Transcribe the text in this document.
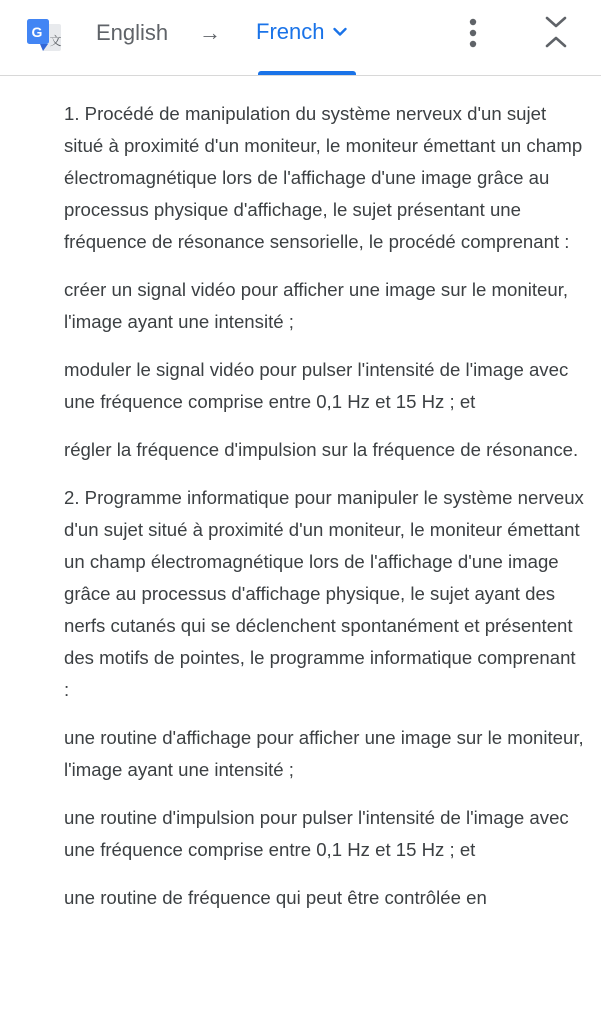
文
G English → French

1. Procédé de manipulation du système nerveux d'un sujet situé à proximité d'un moniteur, le moniteur émettant un champ électromagnétique lors de l'affichage d'une image grâce au processus physique d'affichage, le sujet présentant une fréquence de résonance sensorielle, le procédé comprenant :

créer un signal vidéo pour afficher une image sur le moniteur, l'image ayant une intensité ;

moduler le signal vidéo pour pulser l'intensité de l'image avec une fréquence comprise entre 0,1 Hz et 15 Hz ; et

régler la fréquence d'impulsion sur la fréquence de résonance.

2. Programme informatique pour manipuler le système nerveux d'un sujet situé à proximité d'un moniteur, le moniteur émettant un champ électromagnétique lors de l'affichage d'une image grâce au processus d'affichage physique, le sujet ayant des nerfs cutanés qui se déclenchent spontanément et présentent des motifs de pointes, le programme informatique comprenant :

une routine d'affichage pour afficher une image sur le moniteur, l'image ayant une intensité ;

une routine d'impulsion pour pulser l'intensité de l'image avec une fréquence comprise entre 0,1 Hz et 15 Hz ; et

une routine de fréquence qui peut être contrôlée en
